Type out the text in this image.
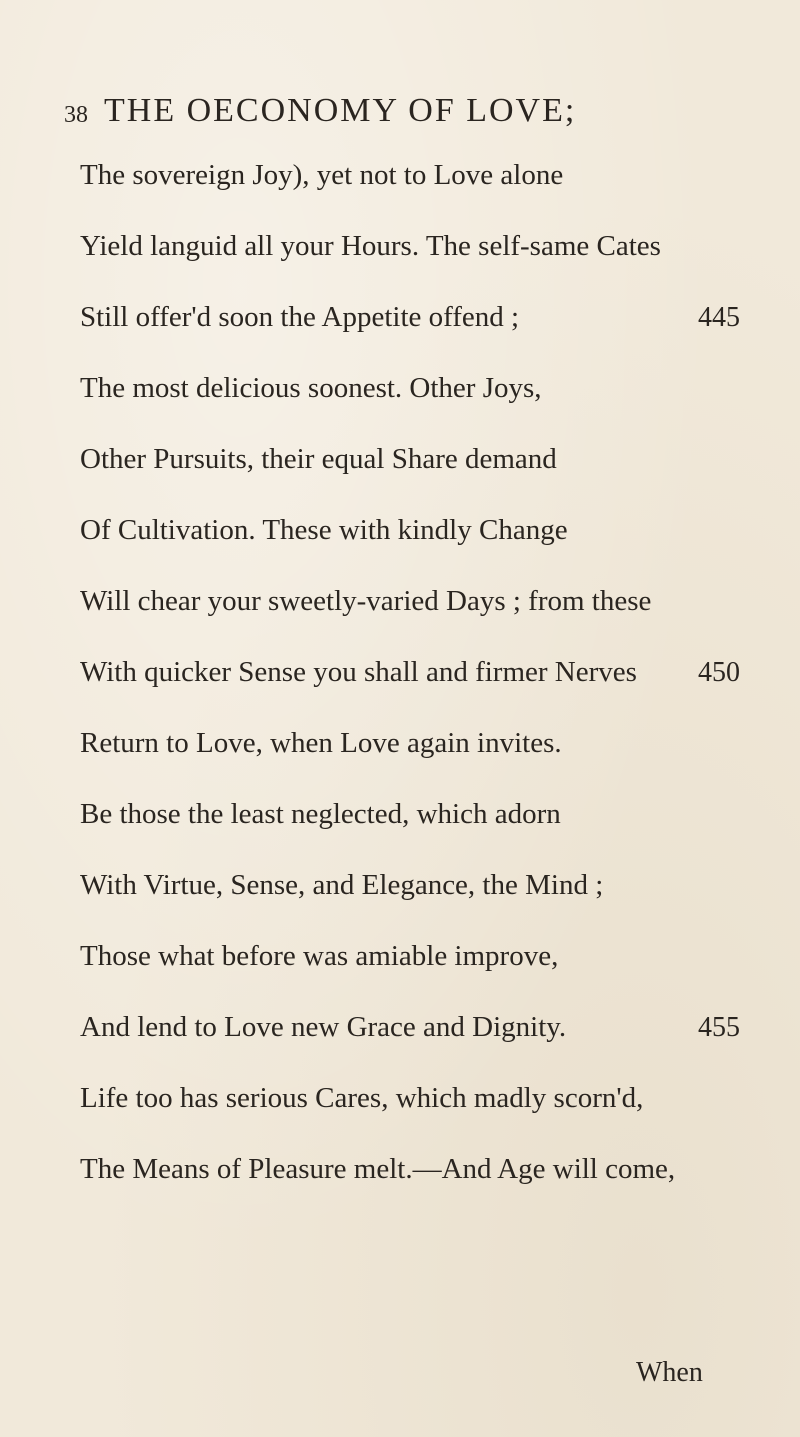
38 THE OECONOMY OF LOVE;
The sovereign Joy), yet not to Love alone
Yield languid all your Hours. The self-same Cates
Still offer'd soon the Appetite offend ;	445
The most delicious soonest. Other Joys,
Other Pursuits, their equal Share demand
Of Cultivation. These with kindly Change
Will chear your sweetly-varied Days ; from these
With quicker Sense you shall and firmer Nerves 450
Return to Love, when Love again invites.
Be those the least neglected, which adorn
With Virtue, Sense, and Elegance, the Mind ;
Those what before was amiable improve,
And lend to Love new Grace and Dignity.	455
Life too has serious Cares, which madly scorn'd,
The Means of Pleasure melt.—And Age will come,
When
